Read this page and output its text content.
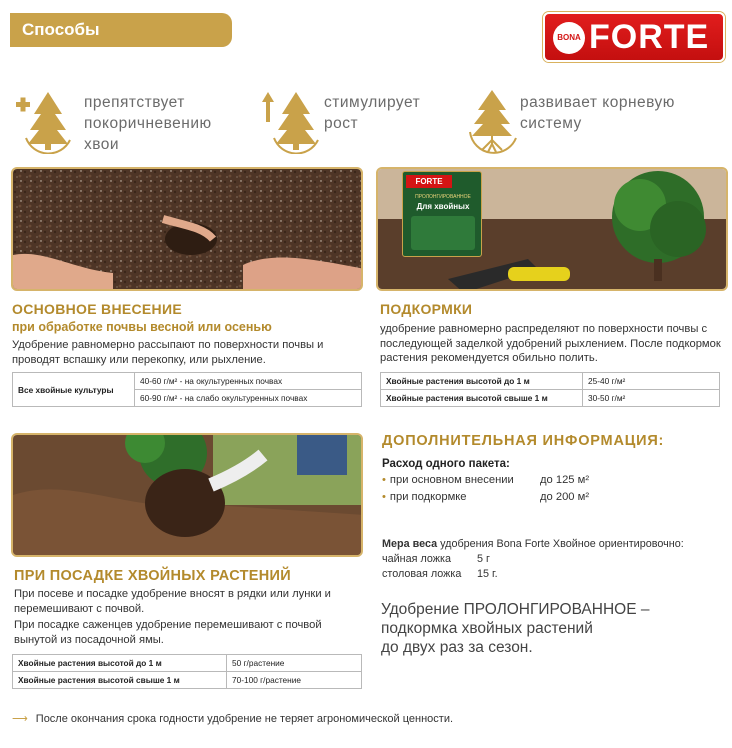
Способы использования
BONA FORTE
препятствует
покоричневению
хвои
стимулирует
рост
развивает корневую
систему
FORTE
ПРОЛОНГИРОВАННОЕ
Для хвойных
ОСНОВНОЕ ВНЕСЕНИЕ
при обработке почвы весной или осенью
Удобрение равномерно рассыпают по поверхности почвы и проводят вспашку или перекопку, или рыхление.
Все хвойные культуры	40-60 г/м² - на окультуренных почвах
60-90 г/м² - на слабо окультуренных почвах
ПОДКОРМКИ
удобрение равномерно распределяют по поверхности почвы с последующей заделкой удобрений рыхлением. После подкормок растения рекомендуется обильно полить.
Хвойные растения высотой до 1 м	25-40 г/м²
Хвойные растения высотой свыше 1 м	30-50 г/м²
ПРИ ПОСАДКЕ ХВОЙНЫХ РАСТЕНИЙ
При посеве и посадке удобрение вносят в рядки или лунки и перемешивают с почвой.
При посадке саженцев удобрение перемешивают с почвой вынутой из посадочной ямы.
Хвойные растения высотой до 1 м	50 г/растение
Хвойные растения высотой свыше 1 м	70-100 г/растение
ДОПОЛНИТЕЛЬНАЯ ИНФОРМАЦИЯ:
Расход одного пакета:
• при основном внесении до 125 м²
• при подкормке	до 200 м²
Мера веса удобрения Bona Forte Хвойное ориентировочно:
чайная ложка 5 г
столовая ложка 15 г.
Удобрение ПРОЛОНГИРОВАННОЕ –
подкормка хвойных растений
до двух раз за сезон.
⟶ После окончания срока годности удобрение не теряет агрономической ценности.
